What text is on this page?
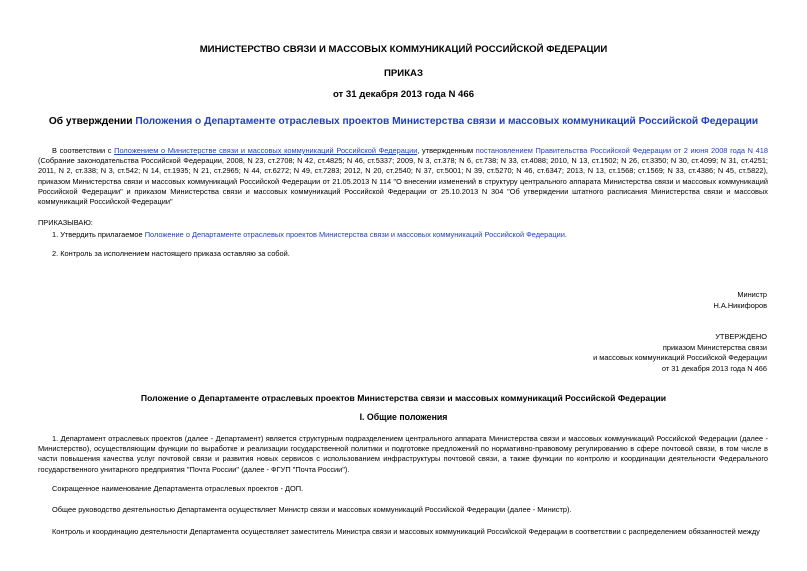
МИНИСТЕРСТВО СВЯЗИ И МАССОВЫХ КОММУНИКАЦИЙ РОССИЙСКОЙ ФЕДЕРАЦИИ
ПРИКАЗ
от 31 декабря 2013 года N 466
Об утверждении Положения о Департаменте отраслевых проектов Министерства связи и массовых коммуникаций Российской Федерации
В соответствии с Положением о Министерстве связи и массовых коммуникаций Российской Федерации, утвержденным постановлением Правительства Российской Федерации от 2 июня 2008 года N 418 (Собрание законодательства Российской Федерации, 2008, N 23, ст.2708; N 42, ст.4825; N 46, ст.5337; 2009, N 3, ст.378; N 6, ст.738; N 33, ст.4088; 2010, N 13, ст.1502; N 26, ст.3350; N 30, ст.4099; N 31, ст.4251; 2011, N 2, ст.338; N 3, ст.542; N 14, ст.1935; N 21, ст.2965; N 44, ст.6272; N 49, ст.7283; 2012, N 20, ст.2540; N 37, ст.5001; N 39, ст.5270; N 46, ст.6347; 2013, N 13, ст.1568; ст.1569; N 33, ст.4386; N 45, ст.5822), приказом Министерства связи и массовых коммуникаций Российской Федерации от 21.05.2013 N 114 "О внесении изменений в структуру центрального аппарата Министерства связи и массовых коммуникаций Российской Федерации" и приказом Министерства связи и массовых коммуникаций Российской Федерации от 25.10.2013 N 304 "Об утверждении штатного расписания Министерства связи и массовых коммуникаций Российской Федерации"
ПРИКАЗЫВАЮ:
1. Утвердить прилагаемое Положение о Департаменте отраслевых проектов Министерства связи и массовых коммуникаций Российской Федерации.
2. Контроль за исполнением настоящего приказа оставляю за собой.
Министр
Н.А.Никифоров
УТВЕРЖДЕНО
приказом Министерства связи
и массовых коммуникаций Российской Федерации
от 31 декабря 2013 года N 466
Положение о Департаменте отраслевых проектов Министерства связи и массовых коммуникаций Российской Федерации
I. Общие положения
1. Департамент отраслевых проектов (далее - Департамент) является структурным подразделением центрального аппарата Министерства связи и массовых коммуникаций Российской Федерации (далее - Министерство), осуществляющим функции по выработке и реализации государственной политики и подготовке предложений по нормативно-правовому регулированию в сфере почтовой связи, в том числе в части повышения качества услуг почтовой связи и развития новых сервисов с использованием инфраструктуры почтовой связи, а также функции по контролю и координации деятельности Федерального государственного унитарного предприятия "Почта России" (далее - ФГУП "Почта России").
Сокращенное наименование Департамента отраслевых проектов - ДОП.
Общее руководство деятельностью Департамента осуществляет Министр связи и массовых коммуникаций Российской Федерации (далее - Министр).
Контроль и координацию деятельности Департамента осуществляет заместитель Министра связи и массовых коммуникаций Российской Федерации в соответствии с распределением обязанностей между
